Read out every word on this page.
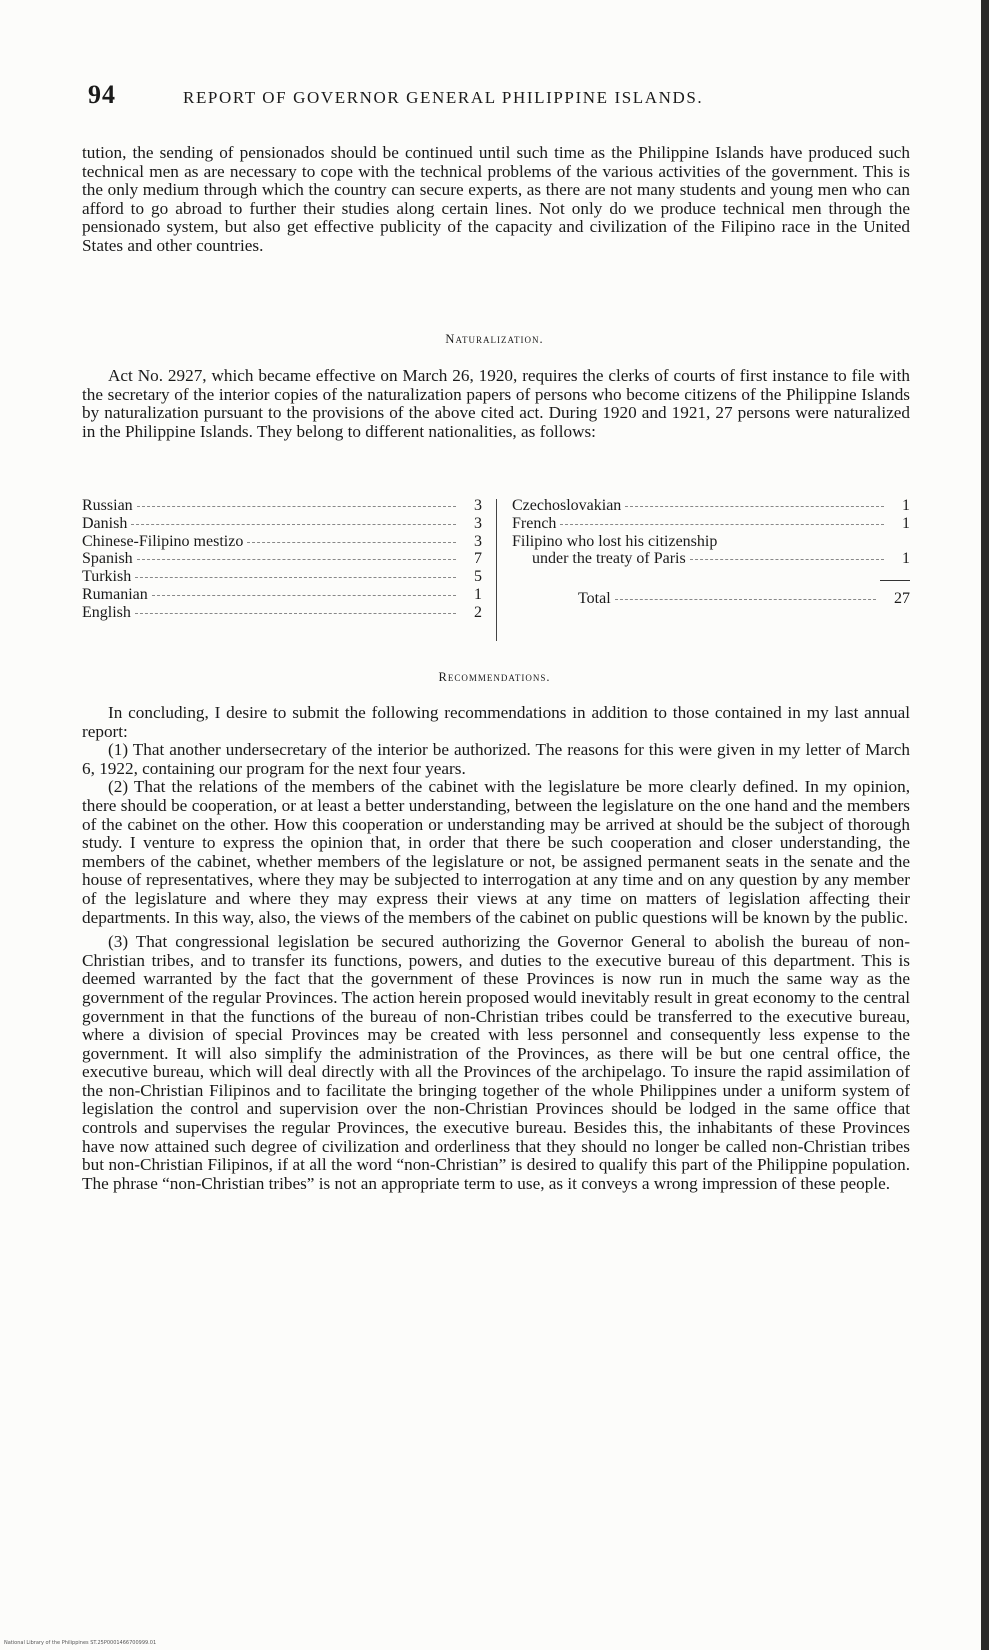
94	REPORT OF GOVERNOR GENERAL PHILIPPINE ISLANDS.

tution, the sending of pensionados should be continued until such time as the Philippine Islands have produced such technical men as are necessary to cope with the technical problems of the various activities of the government. This is the only medium through which the country can secure experts, as there are not many students and young men who can afford to go abroad to further their studies along certain lines. Not only do we produce technical men through the pensionado system, but also get effective publicity of the capacity and civilization of the Filipino race in the United States and other countries.

Naturalization.

Act No. 2927, which became effective on March 26, 1920, requires the clerks of courts of first instance to file with the secretary of the interior copies of the naturalization papers of persons who become citizens of the Philippine Islands by naturalization pursuant to the provisions of the above cited act. During 1920 and 1921, 27 persons were naturalized in the Philippine Islands. They belong to different nationalities, as follows:

Russian	3
Danish	3
Chinese-Filipino mestizo	3
Spanish	7
Turkish	5
Rumanian	1
English	2
Czechoslovakian	1
French	1
Filipino who lost his citizenship
under the treaty of Paris	1
Total	27
Recommendations.

In concluding, I desire to submit the following recommendations in addition to those contained in my last annual report:

(1) That another undersecretary of the interior be authorized. The reasons for this were given in my letter of March 6, 1922, containing our program for the next four years.

(2) That the relations of the members of the cabinet with the legislature be more clearly defined. In my opinion, there should be cooperation, or at least a better understanding, between the legislature on the one hand and the members of the cabinet on the other. How this cooperation or understanding may be arrived at should be the subject of thorough study. I venture to express the opinion that, in order that there be such cooperation and closer understanding, the members of the cabinet, whether members of the legislature or not, be assigned permanent seats in the senate and the house of representatives, where they may be subjected to interrogation at any time and on any question by any member of the legislature and where they may express their views at any time on matters of legislation affecting their departments. In this way, also, the views of the members of the cabinet on public questions will be known by the public.

(3) That congressional legislation be secured authorizing the Governor General to abolish the bureau of non-Christian tribes, and to transfer its functions, powers, and duties to the executive bureau of this department. This is deemed warranted by the fact that the government of these Provinces is now run in much the same way as the government of the regular Provinces. The action herein proposed would inevitably result in great economy to the central government in that the functions of the bureau of non-Christian tribes could be transferred to the executive bureau, where a division of special Provinces may be created with less personnel and consequently less expense to the government. It will also simplify the administration of the Provinces, as there will be but one central office, the executive bureau, which will deal directly with all the Provinces of the archipelago. To insure the rapid assimilation of the non-Christian Filipinos and to facilitate the bringing together of the whole Philippines under a uniform system of legislation the control and supervision over the non-Christian Provinces should be lodged in the same office that controls and supervises the regular Provinces, the executive bureau. Besides this, the inhabitants of these Provinces have now attained such degree of civilization and orderliness that they should no longer be called non-Christian tribes but non-Christian Filipinos, if at all the word “non-Christian” is desired to qualify this part of the Philippine population. The phrase “non-Christian tribes” is not an appropriate term to use, as it conveys a wrong impression of these people.

National Library of the Philippines ST.25P0001466700999.01
